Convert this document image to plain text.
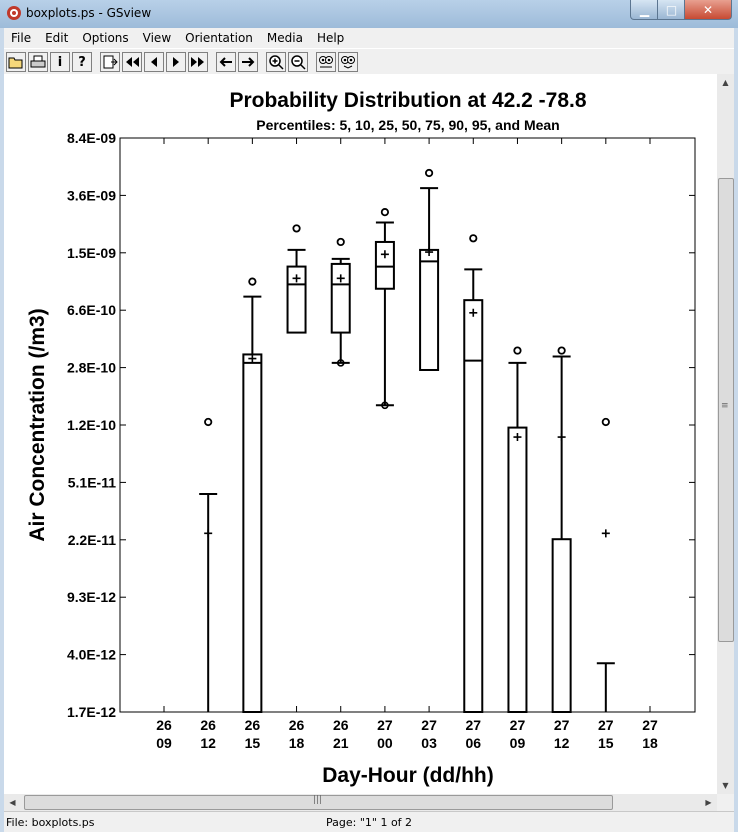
boxplots.ps - GSview	▁	□	✕
File	Edit	Options	View	Orientation	Media	Help
i ?
Probability Distribution at 42.2 -78.8
Percentiles: 5, 10, 25, 50, 75, 90, 95, and Mean
8.4E-09
3.6E-09
1.5E-09
6.6E-10
2.8E-10
1.2E-10
5.1E-11
2.2E-11
9.3E-12
4.0E-12
1.7E-12
26
09
26
12
26
15
26
18
26
21
27
00
27
03
27
06
27
09
27
12
27
15
27
18
Day-Hour (dd/hh)
Air Concentration (/m3)
▲
≡
▼
◀	|||	▶
File: boxplots.ps	Page: "1" 1 of 2
